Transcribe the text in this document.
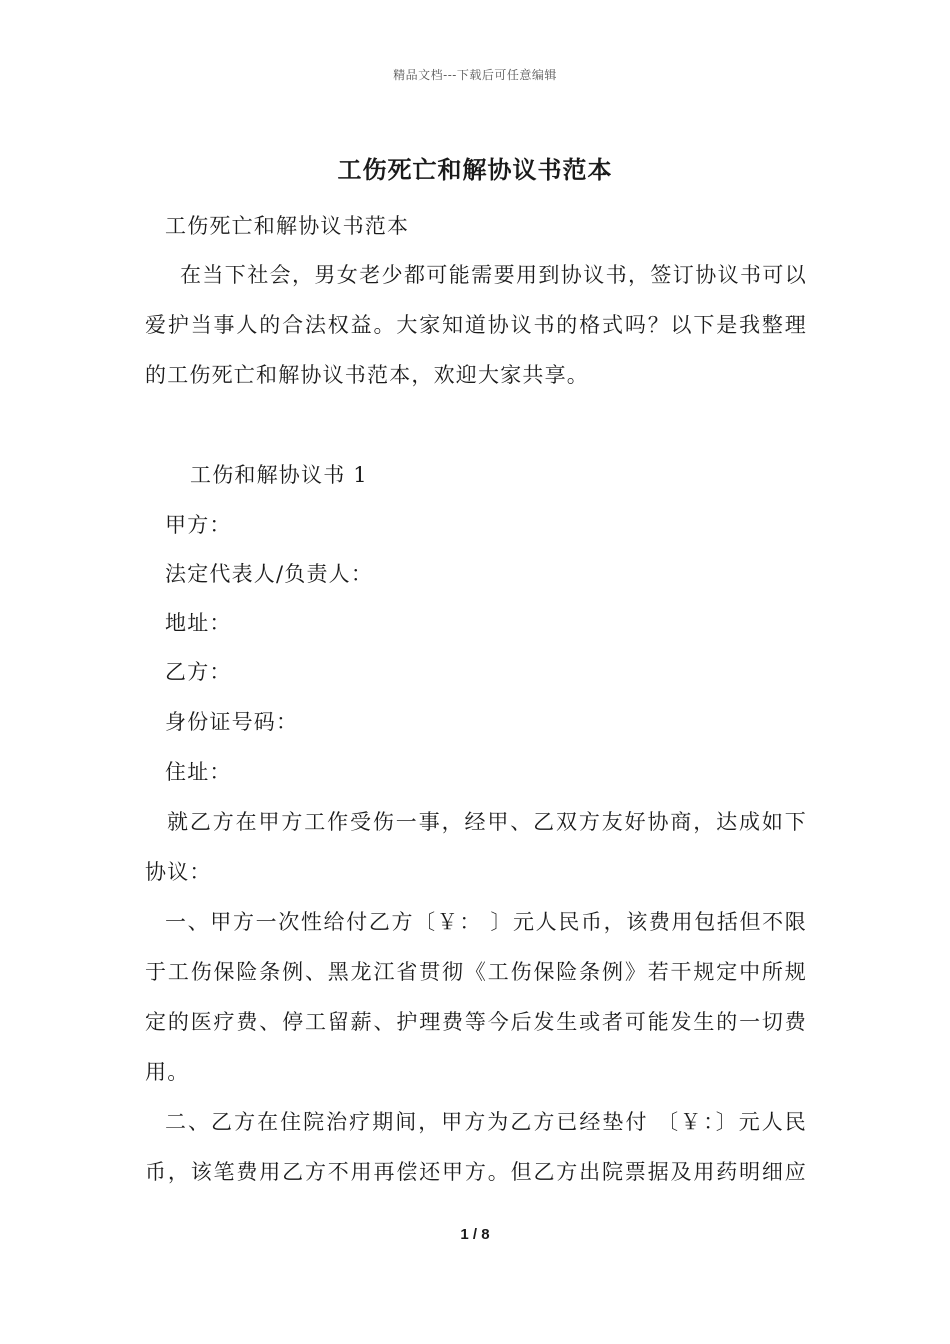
精品文档---下载后可任意编辑
工伤死亡和解协议书范本
工伤死亡和解协议书范本
在当下社会，男女老少都可能需要用到协议书，签订协议书可以
爱护当事人的合法权益。大家知道协议书的格式吗？以下是我整理
的工伤死亡和解协议书范本，欢迎大家共享。
工伤和解协议书 1
甲方：
法定代表人/负责人：
地址：
乙方：
身份证号码：
住址：
就乙方在甲方工作受伤一事，经甲、乙双方友好协商，达成如下
协议：
一、甲方一次性给付乙方〔￥： 〕元人民币，该费用包括但不限
于工伤保险条例、黑龙江省贯彻《工伤保险条例》若干规定中所规
定的医疗费、停工留薪、护理费等今后发生或者可能发生的一切费
用。
二、乙方在住院治疗期间，甲方为乙方已经垫付 〔￥：〕元人民
币，该笔费用乙方不用再偿还甲方。但乙方出院票据及用药明细应
1 / 8
